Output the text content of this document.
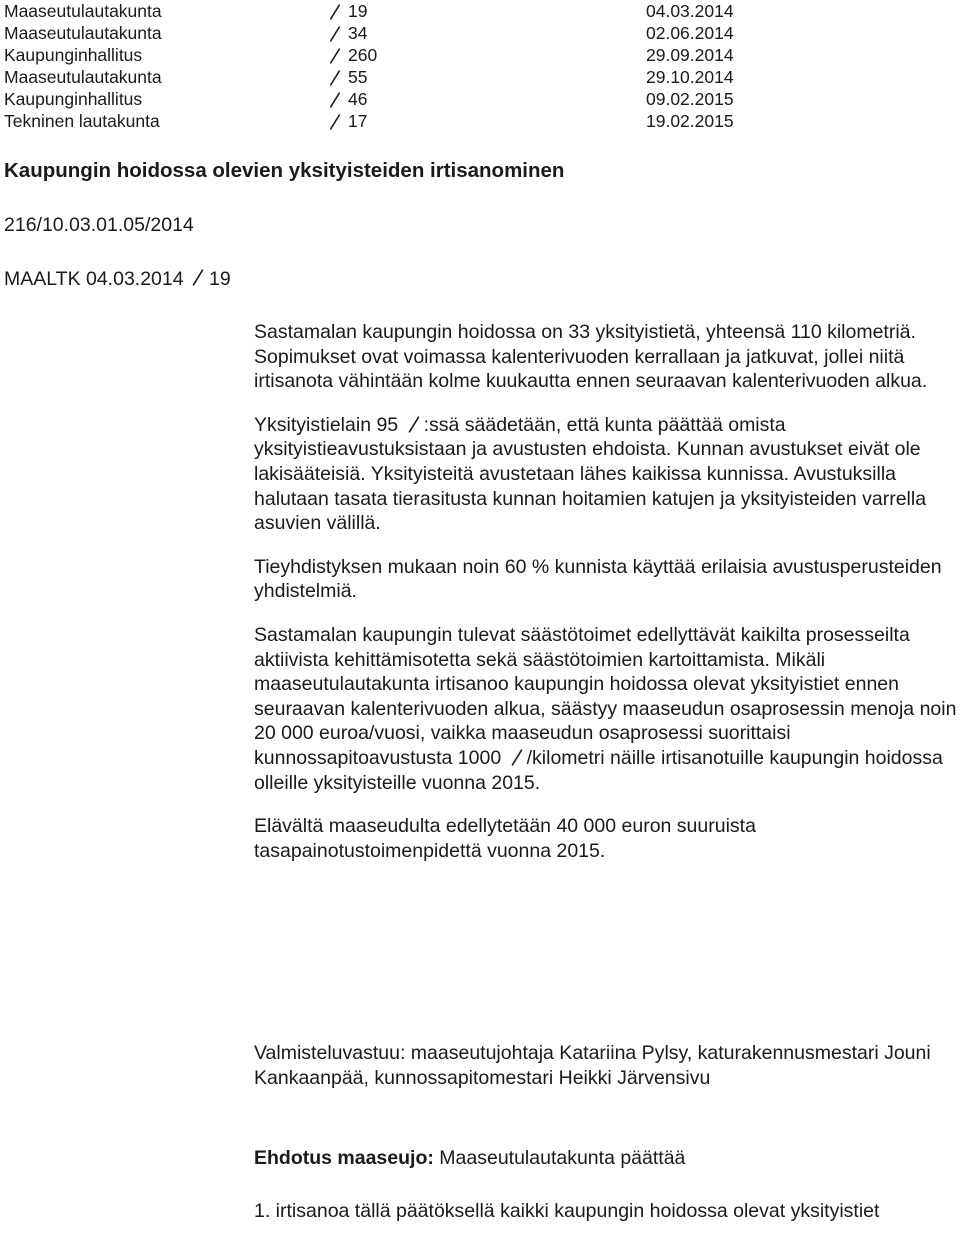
Maaseutulautakunta	19	04.03.2014
Maaseutulautakunta	34	02.06.2014
Kaupunginhallitus	260	29.09.2014
Maaseutulautakunta	55	29.10.2014
Kaupunginhallitus	46	09.02.2015
Tekninen lautakunta	17	19.02.2015
Kaupungin hoidossa olevien yksityisteiden irtisanominen
216/10.03.01.05/2014
MAALTK 04.03.2014 19

Sastamalan kaupungin hoidossa on 33 yksityistietä, yhteensä 110 kilometriä. Sopimukset ovat voimassa kalenterivuoden kerrallaan ja jatkuvat, jollei niitä irtisanota vähintään kolme kuukautta ennen seuraavan kalenterivuoden alkua.

Yksityistielain 95 :ssä säädetään, että kunta päättää omista yksityistieavustuksistaan ja avustusten ehdoista. Kunnan avustukset eivät ole lakisääteisiä. Yksityisteitä avustetaan lähes kaikissa kunnissa. Avustuksilla halutaan tasata tierasitusta kunnan hoitamien katujen ja yksityisteiden varrella asuvien välillä.

Tieyhdistyksen mukaan noin 60 % kunnista käyttää erilaisia avustusperusteiden yhdistelmiä.

Sastamalan kaupungin tulevat säästötoimet edellyttävät kaikilta prosesseilta aktiivista kehittämisotetta sekä säästötoimien kartoittamista. Mikäli maaseutulautakunta irtisanoo kaupungin hoidossa olevat yksityistiet ennen seuraavan kalenterivuoden alkua, säästyy maaseudun osaprosessin menoja noin 20 000 euroa/vuosi, vaikka maaseudun osaprosessi suorittaisi kunnossapitoavustusta 1000 /kilometri näille irtisanotuille kaupungin hoidossa olleille yksityisteille vuonna 2015.

Elävältä maaseudulta edellytetään 40 000 euron suuruista tasapainotustoimenpidettä vuonna 2015.

Valmisteluvastuu: maaseutujohtaja Katariina Pylsy, katurakennusmestari Jouni Kankaanpää, kunnossapitomestari Heikki Järvensivu

Ehdotus maaseujo: Maaseutulautakunta päättää

1. irtisanoa tällä päätöksellä kaikki kaupungin hoidossa olevat yksityistiet
